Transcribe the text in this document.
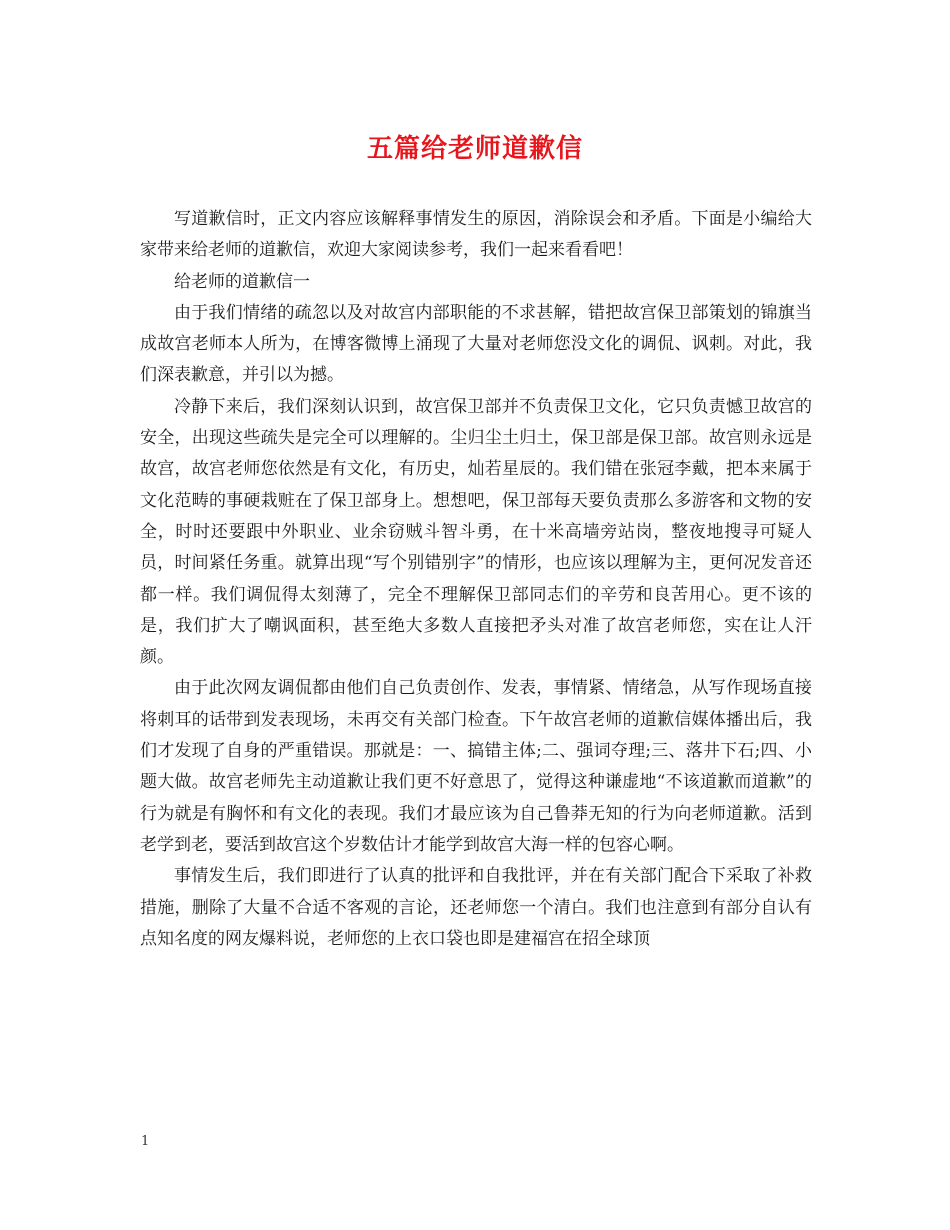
五篇给老师道歉信

写道歉信时，正文内容应该解释事情发生的原因，消除误会和矛盾。下面是小编给大家带来给老师的道歉信，欢迎大家阅读参考，我们一起来看看吧！

给老师的道歉信一

由于我们情绪的疏忽以及对故宫内部职能的不求甚解，错把故宫保卫部策划的锦旗当成故宫老师本人所为，在博客微博上涌现了大量对老师您没文化的调侃、讽刺。对此，我们深表歉意，并引以为撼。

冷静下来后，我们深刻认识到，故宫保卫部并不负责保卫文化，它只负责憾卫故宫的安全，出现这些疏失是完全可以理解的。尘归尘土归土，保卫部是保卫部。故宫则永远是故宫，故宫老师您依然是有文化，有历史，灿若星辰的。我们错在张冠李戴，把本来属于文化范畴的事硬栽赃在了保卫部身上。想想吧，保卫部每天要负责那么多游客和文物的安全，时时还要跟中外职业、业余窃贼斗智斗勇，在十米高墙旁站岗，整夜地搜寻可疑人员，时间紧任务重。就算出现“写个别错别字”的情形，也应该以理解为主，更何况发音还都一样。我们调侃得太刻薄了，完全不理解保卫部同志们的辛劳和良苦用心。更不该的是，我们扩大了嘲讽面积，甚至绝大多数人直接把矛头对准了故宫老师您，实在让人汗颜。

由于此次网友调侃都由他们自己负责创作、发表，事情紧、情绪急，从写作现场直接将刺耳的话带到发表现场，未再交有关部门检查。下午故宫老师的道歉信媒体播出后，我们才发现了自身的严重错误。那就是：一、搞错主体;二、强词夺理;三、落井下石;四、小题大做。故宫老师先主动道歉让我们更不好意思了，觉得这种谦虚地“不该道歉而道歉”的行为就是有胸怀和有文化的表现。我们才最应该为自己鲁莽无知的行为向老师道歉。活到老学到老，要活到故宫这个岁数估计才能学到故宫大海一样的包容心啊。

事情发生后，我们即进行了认真的批评和自我批评，并在有关部门配合下采取了补救措施，删除了大量不合适不客观的言论，还老师您一个清白。我们也注意到有部分自认有点知名度的网友爆料说，老师您的上衣口袋也即是建福宫在招全球顶

1
